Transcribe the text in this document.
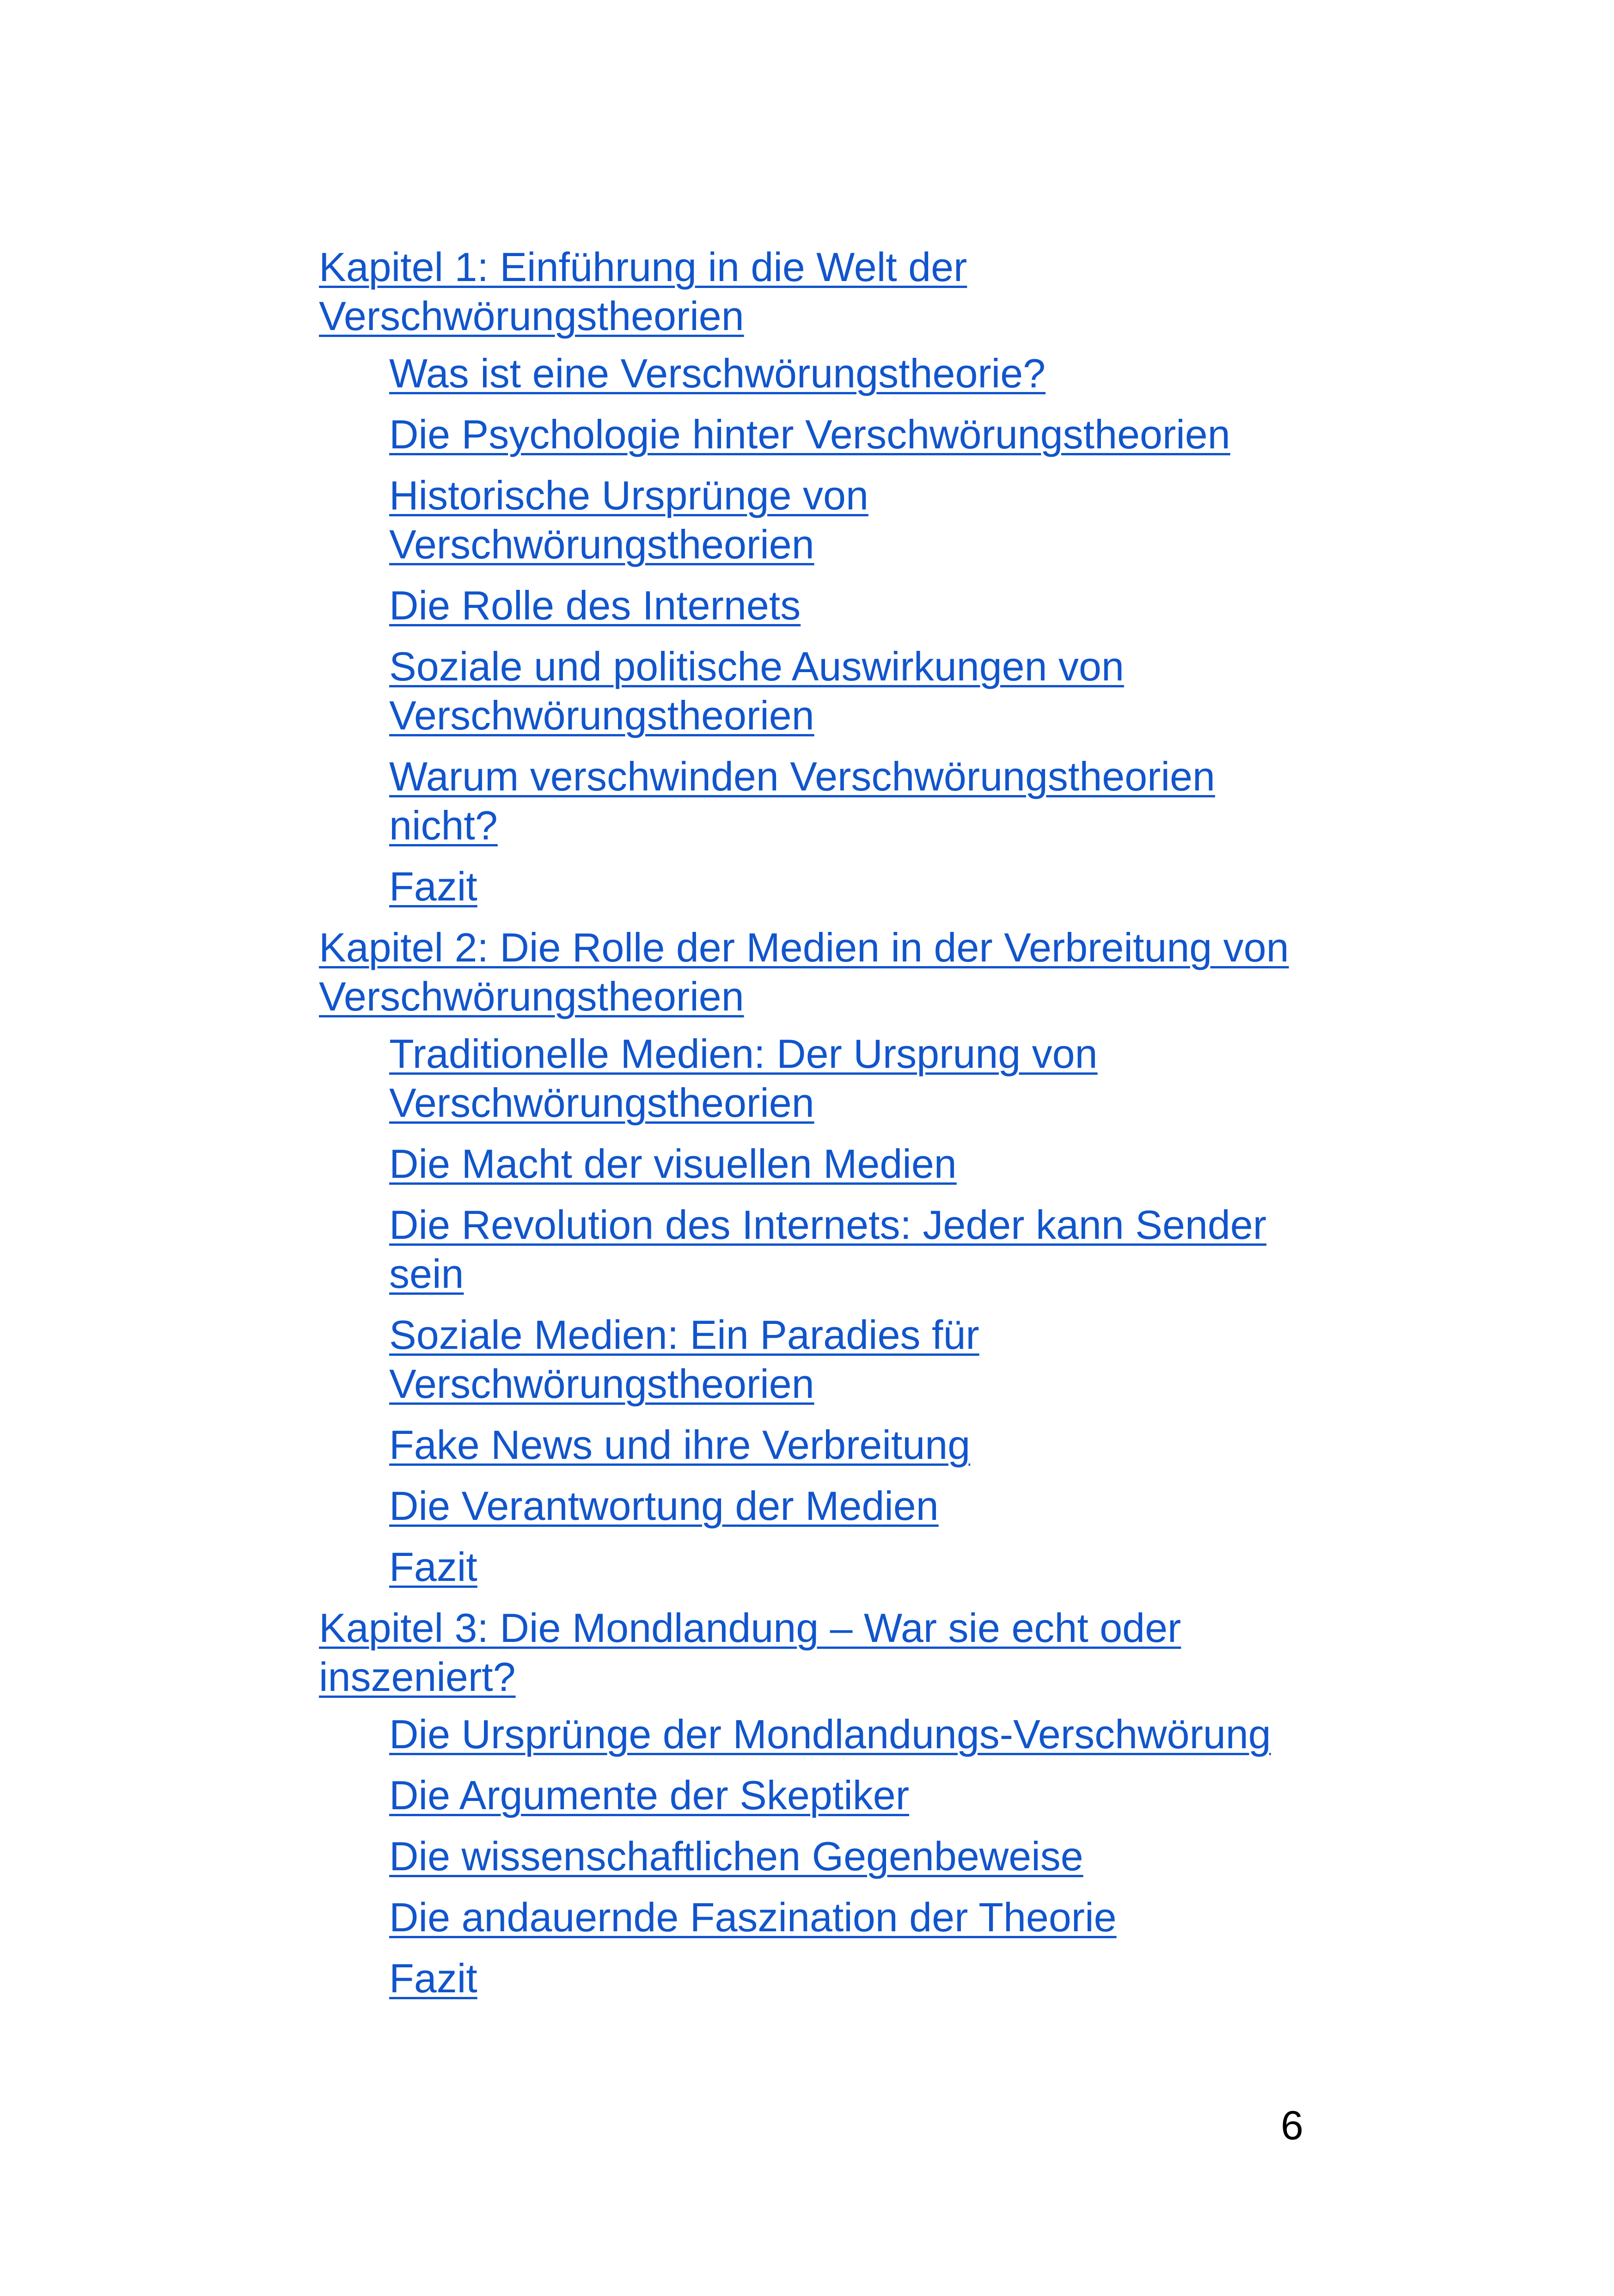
Kapitel 1: Einführung in die Welt der Verschwörungstheorien
Was ist eine Verschwörungstheorie?
Die Psychologie hinter Verschwörungstheorien
Historische Ursprünge von Verschwörungstheorien
Die Rolle des Internets
Soziale und politische Auswirkungen von Verschwörungstheorien
Warum verschwinden Verschwörungstheorien nicht?
Fazit
Kapitel 2: Die Rolle der Medien in der Verbreitung von Verschwörungstheorien
Traditionelle Medien: Der Ursprung von Verschwörungstheorien
Die Macht der visuellen Medien
Die Revolution des Internets: Jeder kann Sender sein
Soziale Medien: Ein Paradies für Verschwörungstheorien
Fake News und ihre Verbreitung
Die Verantwortung der Medien
Fazit
Kapitel 3: Die Mondlandung – War sie echt oder inszeniert?
Die Ursprünge der Mondlandungs-Verschwörung
Die Argumente der Skeptiker
Die wissenschaftlichen Gegenbeweise
Die andauernde Faszination der Theorie
Fazit
6
